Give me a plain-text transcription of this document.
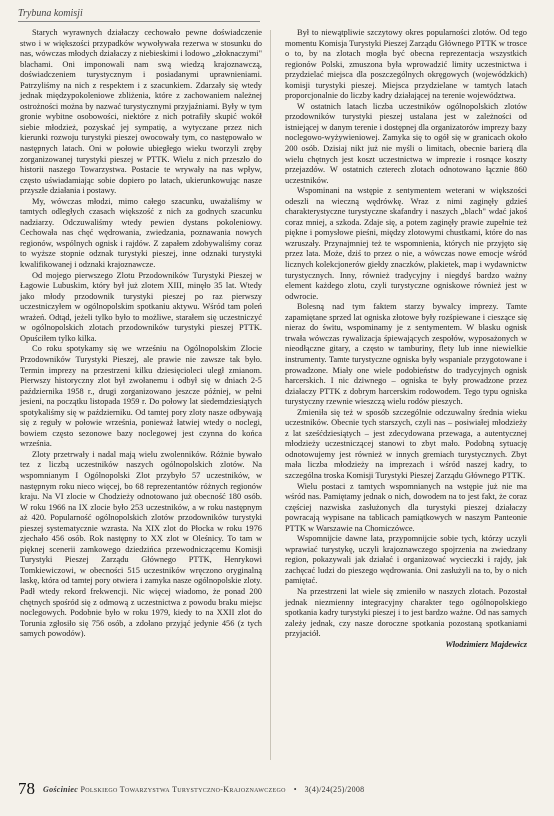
Trybuna komisji

Starych wyrawnych działaczy cechowało pewne doświadczenie stwo i w większości przypadków wywoływała rezerwa w stosunku do nas, wówczas młodych działaczy z niebieskimi i lodowo „złoknaczymi" blachami. Oni imponowali nam swą wiedzą krajoznawczą, doświadczeniem turystycznym i posiadanymi uprawnieniami. Patrzyliśmy na nich z respektem i z szacunkiem. Zdarzały się wtedy jednak międzypokoleniowe zbliżenia, które z zachowaniem należnej ostrożności można by nazwać turystycznymi przyjaźniami. Były w tym gronie wybitne osobowości, niektóre z nich potrafiły skupić wokół siebie młodzież, pozyskać jej sympatię, a wytyczane przez nich kierunki rozwoju turystyki pieszej owocowały tym, co następowało w następnych latach. Oni w połowie ubiegłego wieku tworzyli zręby zorganizowanej turystyki pieszej w PTTK. Wielu z nich przeszło do historii naszego Towarzystwa. Postacie te wrywały na nas wpływ, często uświadamiając sobie dopiero po latach, ukierunkowując nasze przyszłe działania i postawy.

My, wówczas młodzi, mimo całego szacunku, uważaliśmy w tamtych odległych czasach większość z nich za godnych szacunku nadziarzy. Odczuwaliśmy wtedy pewien dystans pokoleniowy. Cechowała nas chęć wędrowania, zwiedzania, poznawania nowych regionów, wspólnych ognisk i rajdów. Z zapałem zdobywaliśmy coraz to wyższe stopnie odznak turystyki pieszej, inne odznaki turystyki kwalifikowanej i odznaki krajoznawcze.

Od mojego pierwszego Zlotu Przodowników Turystyki Pieszej w Łagowie Lubuskim, który był już zlotem XIII, minęło 35 lat. Wtedy jako młody przodownik turystyki pieszej po raz pierwszy uczestniczyłem w ogólnopolskim spotkaniu aktywu. Wśród tam poleń wrażeń. Odtąd, jeżeli tylko było to możliwe, starałem się uczestniczyć w ogólnopolskich zlotach przodowników turystyki pieszej PTTK. Opuściłem tylko kilka.

Co roku spotykamy się we wrześniu na Ogólnopolskim Zlocie Przodowników Turystyki Pieszej, ale prawie nie zawsze tak było. Termin imprezy na przestrzeni kilku dziesięcioleci uległ zmianom. Pierwszy historyczny zlot był zwołanemu i odbył się w dniach 2-5 października 1958 r., drugi zorganizowano jeszcze później, w pełni jesieni, na początku listopada 1959 r. Do połowy lat siedemdziesiątych spotykaliśmy się w październiku. Od tamtej pory zloty nasze odbywają się z reguły w połowie września, ponieważ łatwiej wtedy o noclegi, bowiem często sezonowe bazy noclegowej jest czynna do końca września.

Zloty przetrwały i nadal mają wielu zwolenników. Różnie bywało tez z liczbą uczestników naszych ogólnopolskich zlotów. Na wspomnianym I Ogólnopolski Zlot przybyło 57 uczestników, w następnym roku nieco więcej, bo 68 reprezentantów różnych regionów kraju. Na VI zlocie w Chodzieży odnotowano już obecność 180 osób. W roku 1966 na IX zlocie było 253 uczestników, a w roku następnym aż 420. Popularność ogólnopolskich zlotów przodowników turystyki pieszej systematycznie wzrasta. Na XIX zlot do Płocka w roku 1976 zjechało 456 osób. Rok następny to XX zlot w Oleśnicy. To tam w pięknej scenerii zamkowego dziedzińca przewodniczącemu Komisji Turystyki Pieszej Zarządu Głównego PTTK, Henrykowi Tomkiewiczowi, w obecności 515 uczestników wręczono oryginalną laskę, która od tamtej pory otwiera i zamyka nasze ogólnopolskie zloty. Padł wtedy rekord frekwencji. Nic więcej wiadomo, że ponad 200 chętnych spośród się z odmową z uczestnictwa z powodu braku miejsc noclegowych. Podobnie było w roku 1979, kiedy to na XXII zlot do Torunia zgłosiło się 756 osób, a zdołano przyjąć jedynie 456 (z tych samych powodów).

Był to niewątpliwie szczytowy okres popularności zlotów. Od tego momentu Komisja Turystyki Pieszej Zarządu Głównego PTTK w trosce o to, by na zlotach mogła być obecna reprezentacja wszystkich regionów Polski, zmuszona była wprowadzić limity uczestnictwa i przydzielać miejsca dla poszczególnych okręgowych (wojewódzkich) komisji turystyki pieszej. Miejsca przydzielane w tamtych latach proporcjonalnie do liczby kadry działającej na terenie województwa.

W ostatnich latach liczba uczestników ogólnopolskich zlotów przodowników turystyki pieszej ustalana jest w zależności od istniejącej w danym terenie i dostępnej dla organizatorów imprezy bazy noclegowo-wyżywieniowej. Zamyka się to ogół się w granicach około 200 osób. Dzisiaj nikt już nie myśli o limitach, obecnie barierą dla wielu chętnych jest koszt uczestnictwa w imprezie i rosnące koszty przejazdów. W ostatnich czterech zlotach odnotowano łącznie 860 uczestników.

Wspominani na wstępie z sentymentem weterani w większości odeszli na wieczną wędrówkę. Wraz z nimi zaginęły gdzieś charakterystyczne turystyczne skafandry i naszych „blach" wdać jakoś coraz mniej, a szkoda. Zdaje się, a potem zaginęły prawie zupełnie też piękne i pomysłowe pieśni, między zlotowymi chustkami, które do nas wzruszały. Przynajmniej też te wspomnienia, których nie przyjęto się przez lata. Może, dziś to przez o nie, a wówczas nowe emocje wśród licznych kolekcjonerów giełdy znaczków, plakietek, map i wydawnictw turystycznych. Inny, również tradycyjny i niegdyś bardzo ważny element każdego zlotu, czyli turystyczne ogniskowe również jest w odwrocie.

Bolesną nad tym faktem starzy bywalcy imprezy. Tamte zapamiętane sprzed lat ogniska złotowe były rozśpiewane i cieszące się nieraz do świtu, wspominamy je z sentymentem. W blasku ognisk trwała wówczas rywalizacja śpiewających zespołów, wyposażonych w nieodłączne gitary, a często w tamburiny, flety lub inne niewielkie instrumenty. Tamte turystyczne ogniska były wspaniale przygotowane i prowadzone. Miały one wiele podobieństw do tradycyjnych ognisk harcerskich. I nic dziwnego – ogniska te były prowadzone przez działaczy PTTK z dobrym harcerskim rodowodem. Tego typu ogniska turystyczny rzewnie wieszczą wielu rodów pieszych.

Zmieniła się też w sposób szczególnie odczuwalny średnia wieku uczestników. Obecnie tych starszych, czyli nas – posiwiałej młodzieży z lat sześćdziesiątych – jest zdecydowana przewaga, a autentycznej młodzieży uczestniczącej stanowi to zbyt mało. Podobną sytuację odnotowujemy jest również w innych gremiach turystycznych. Zbyt mała liczba młodzieży na imprezach i wśród naszej kadry, to szczególna troska Komisji Turystyki Pieszej Zarządu Głównego PTTK.

Wielu postaci z tamtych wspomnianych na wstępie już nie ma wśród nas. Pamiętamy jednak o nich, dowodem na to jest fakt, że coraz częściej nazwiska zasłużonych dla turystyki pieszej działaczy powracają wypisane na tablicach pamiątkowych w naszym Panteonie PTTK w Warszawie na Chomiczówce.

Wspomnijcie dawne lata, przypomnijcie sobie tych, którzy uczyli wprawiać turystykę, uczyli krajoznawczego spojrzenia na zwiedzany region, pokazywali jak działać i organizować wycieczki i rajdy, jak zachęcać ludzi do pieszego wędrowania. Oni zasłużyli na to, by o nich pamiętać.

Na przestrzeni lat wiele się zmieniło w naszych zlotach. Pozostał jednak niezmienny integracyjny charakter tego ogólnopolskiego spotkania kadry turystyki pieszej i to jest bardzo ważne. Od nas samych zależy jednak, czy nasze doroczne spotkania pozostaną spotkaniami przyjaciół.

Włodzimierz Majdewicz

78 Gościniec Polskiego Towarzystwa Turystyczno-Krajoznawczego • 3(4)/24(25)/2008
